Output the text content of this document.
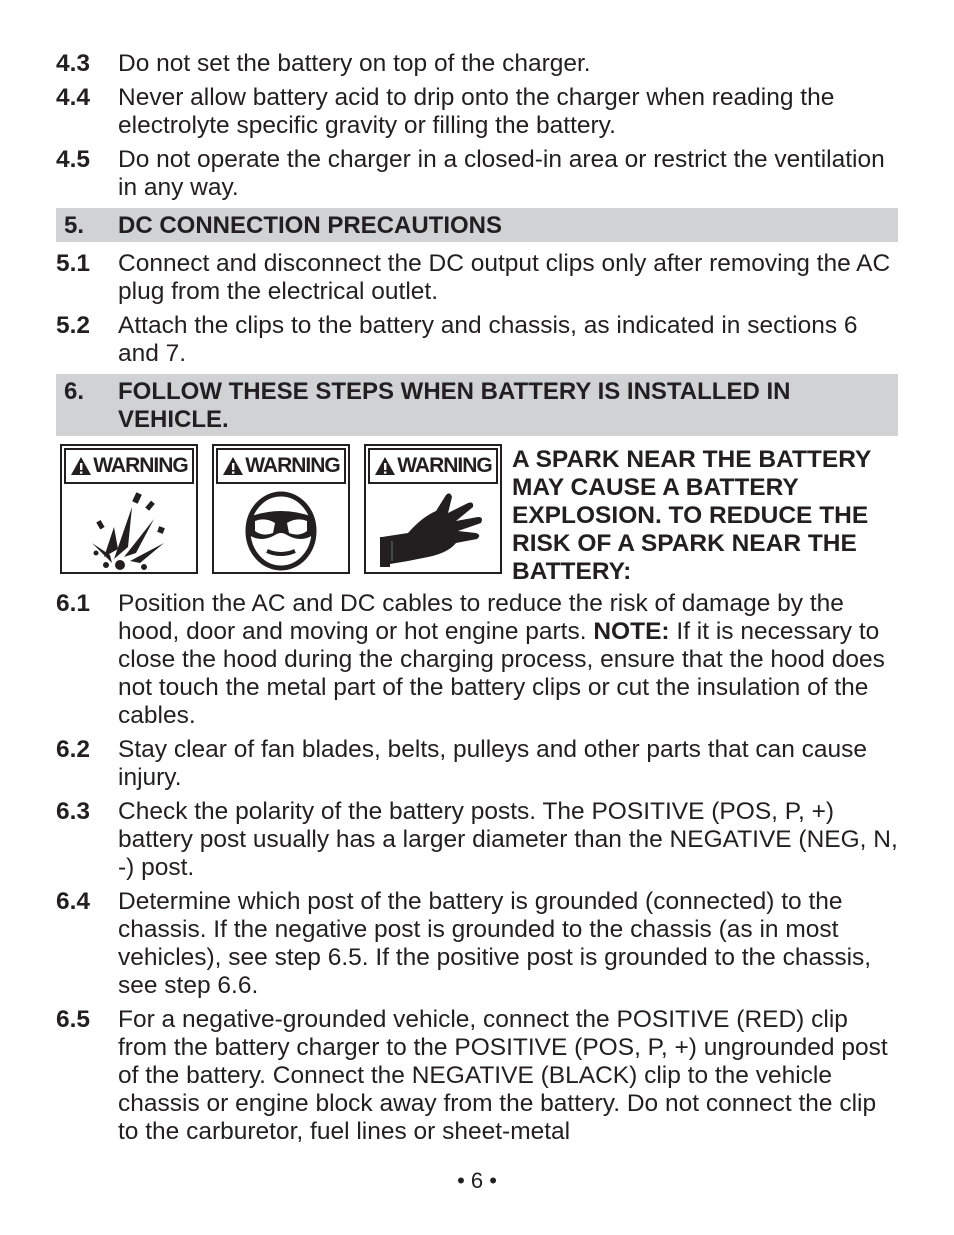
4.3	Do not set the battery on top of the charger.
4.4	Never allow battery acid to drip onto the charger when reading the electrolyte specific gravity or filling the battery.
4.5	Do not operate the charger in a closed-in area or restrict the ventilation in any way.
5.	DC CONNECTION PRECAUTIONS
5.1	Connect and disconnect the DC output clips only after removing the AC plug from the electrical outlet.
5.2	Attach the clips to the battery and chassis, as indicated in sections 6 and 7.
6.	FOLLOW THESE STEPS WHEN BATTERY IS INSTALLED IN VEHICLE.
WARNING	WARNING	WARNING A SPARK NEAR THE BATTERY MAY CAUSE A BATTERY EXPLOSION. TO REDUCE THE RISK OF A SPARK NEAR THE BATTERY:
6.1	Position the AC and DC cables to reduce the risk of damage by the hood, door and moving or hot engine parts. NOTE: If it is necessary to close the hood during the charging process, ensure that the hood does not touch the metal part of the battery clips or cut the insulation of the cables.
6.2	Stay clear of fan blades, belts, pulleys and other parts that can cause injury.
6.3	Check the polarity of the battery posts. The POSITIVE (POS, P, +) battery post usually has a larger diameter than the NEGATIVE (NEG, N, -) post.
6.4	Determine which post of the battery is grounded (connected) to the chassis. If the negative post is grounded to the chassis (as in most vehicles), see step 6.5. If the positive post is grounded to the chassis, see step 6.6.
6.5	For a negative-grounded vehicle, connect the POSITIVE (RED) clip from the battery charger to the POSITIVE (POS, P, +) ungrounded post of the battery. Connect the NEGATIVE (BLACK) clip to the vehicle chassis or engine block away from the battery. Do not connect the clip to the carburetor, fuel lines or sheet-metal
• 6 •
